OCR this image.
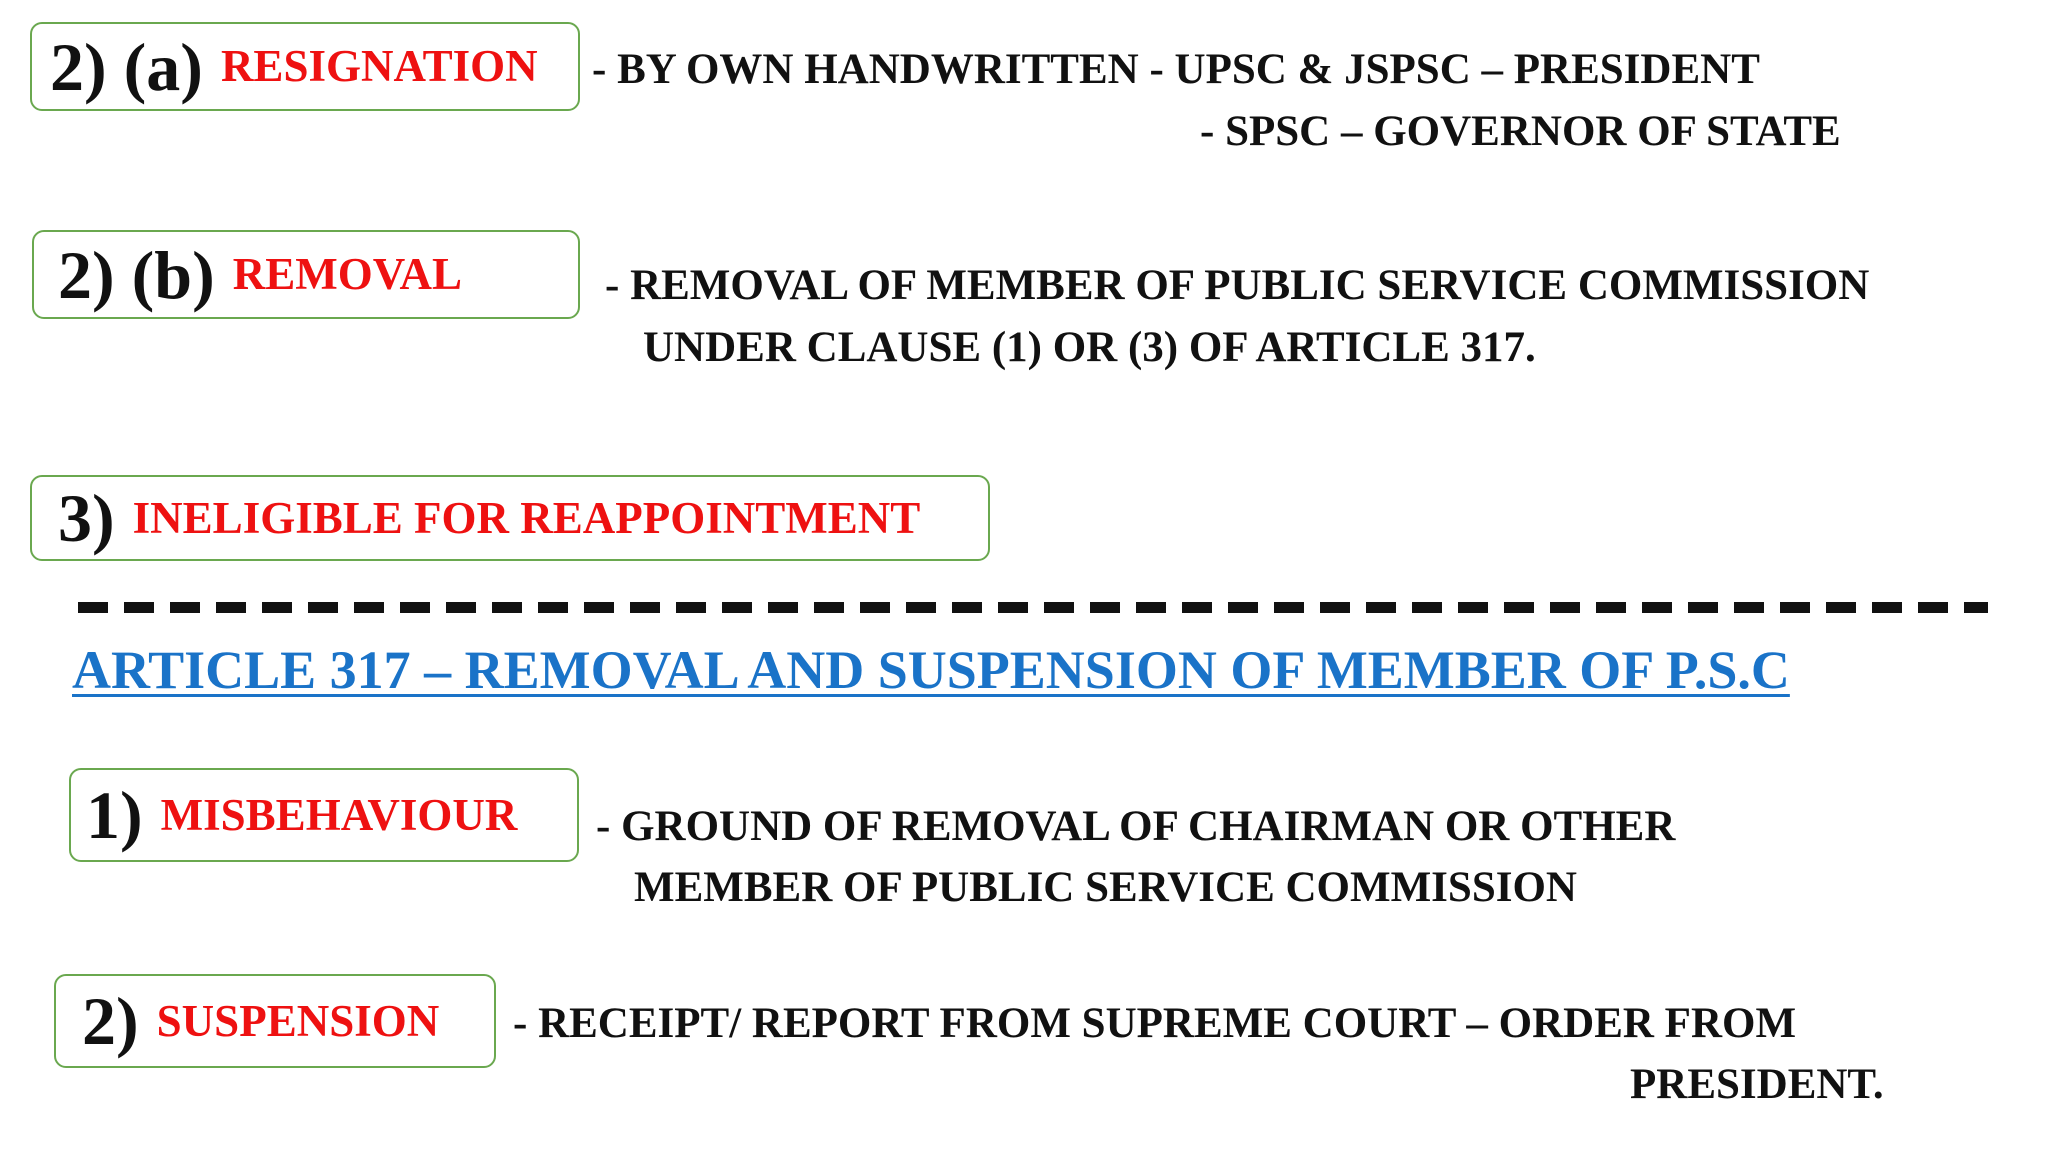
2) (a) RESIGNATION - BY OWN HANDWRITTEN - UPSC & JSPSC – PRESIDENT
- SPSC – GOVERNOR OF STATE
2) (b) REMOVAL	- REMOVAL OF MEMBER OF PUBLIC SERVICE COMMISSION
UNDER CLAUSE (1) OR (3) OF ARTICLE 317.
3) INELIGIBLE FOR REAPPOINTMENT
ARTICLE 317 – REMOVAL AND SUSPENSION OF MEMBER OF P.S.C
1) MISBEHAVIOUR - GROUND OF REMOVAL OF CHAIRMAN OR OTHER
MEMBER OF PUBLIC SERVICE COMMISSION
2) SUSPENSION - RECEIPT/ REPORT FROM SUPREME COURT – ORDER FROM
PRESIDENT.
